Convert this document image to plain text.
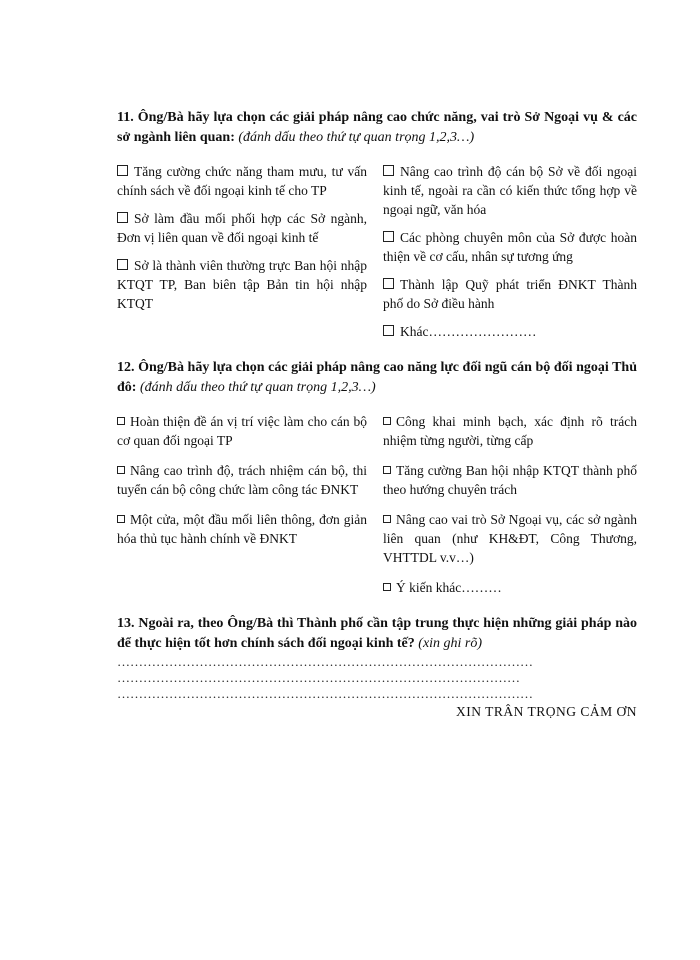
11. Ông/Bà hãy lựa chọn các giải pháp nâng cao chức năng, vai trò Sở Ngoại vụ & các sở ngành liên quan: (đánh dấu theo thứ tự quan trọng 1,2,3…)
Tăng cường chức năng tham mưu, tư vấn chính sách về đối ngoại kinh tế cho TP
Sở làm đầu mối phối hợp các Sở ngành, Đơn vị liên quan về đối ngoại kinh tế
Sở là thành viên thường trực Ban hội nhập KTQT TP, Ban biên tập Bản tin hội nhập KTQT
Nâng cao trình độ cán bộ Sở về đối ngoại kinh tế, ngoài ra cần có kiến thức tổng hợp về ngoại ngữ, văn hóa
Các phòng chuyên môn của Sở được hoàn thiện về cơ cấu, nhân sự tương ứng
Thành lập Quỹ phát triển ĐNKT Thành phố do Sở điều hành
Khác……………………
12. Ông/Bà hãy lựa chọn các giải pháp nâng cao năng lực đối ngũ cán bộ đối ngoại Thủ đô: (đánh dấu theo thứ tự quan trọng 1,2,3…)
Hoàn thiện đề án vị trí việc làm cho cán bộ cơ quan đối ngoại TP
Nâng cao trình độ, trách nhiệm cán bộ, thi tuyển cán bộ công chức làm công tác ĐNKT
Một cửa, một đầu mối liên thông, đơn giản hóa thủ tục hành chính về ĐNKT
Công khai minh bạch, xác định rõ trách nhiệm từng người, từng cấp
Tăng cường Ban hội nhập KTQT thành phố theo hướng chuyên trách
Nâng cao vai trò Sở Ngoại vụ, các sở ngành liên quan (như KH&ĐT, Công Thương, VHTTDL v.v…)
Ý kiến khác………
13. Ngoài ra, theo Ông/Bà thì Thành phố cần tập trung thực hiện những giải pháp nào để thực hiện tốt hơn chính sách đối ngoại kinh tế? (xin ghi rõ)
……………………………………………………………………………………
…………………………………………………………………………………
……………………………………………………………………………………
XIN TRÂN TRỌNG CẢM ƠN
